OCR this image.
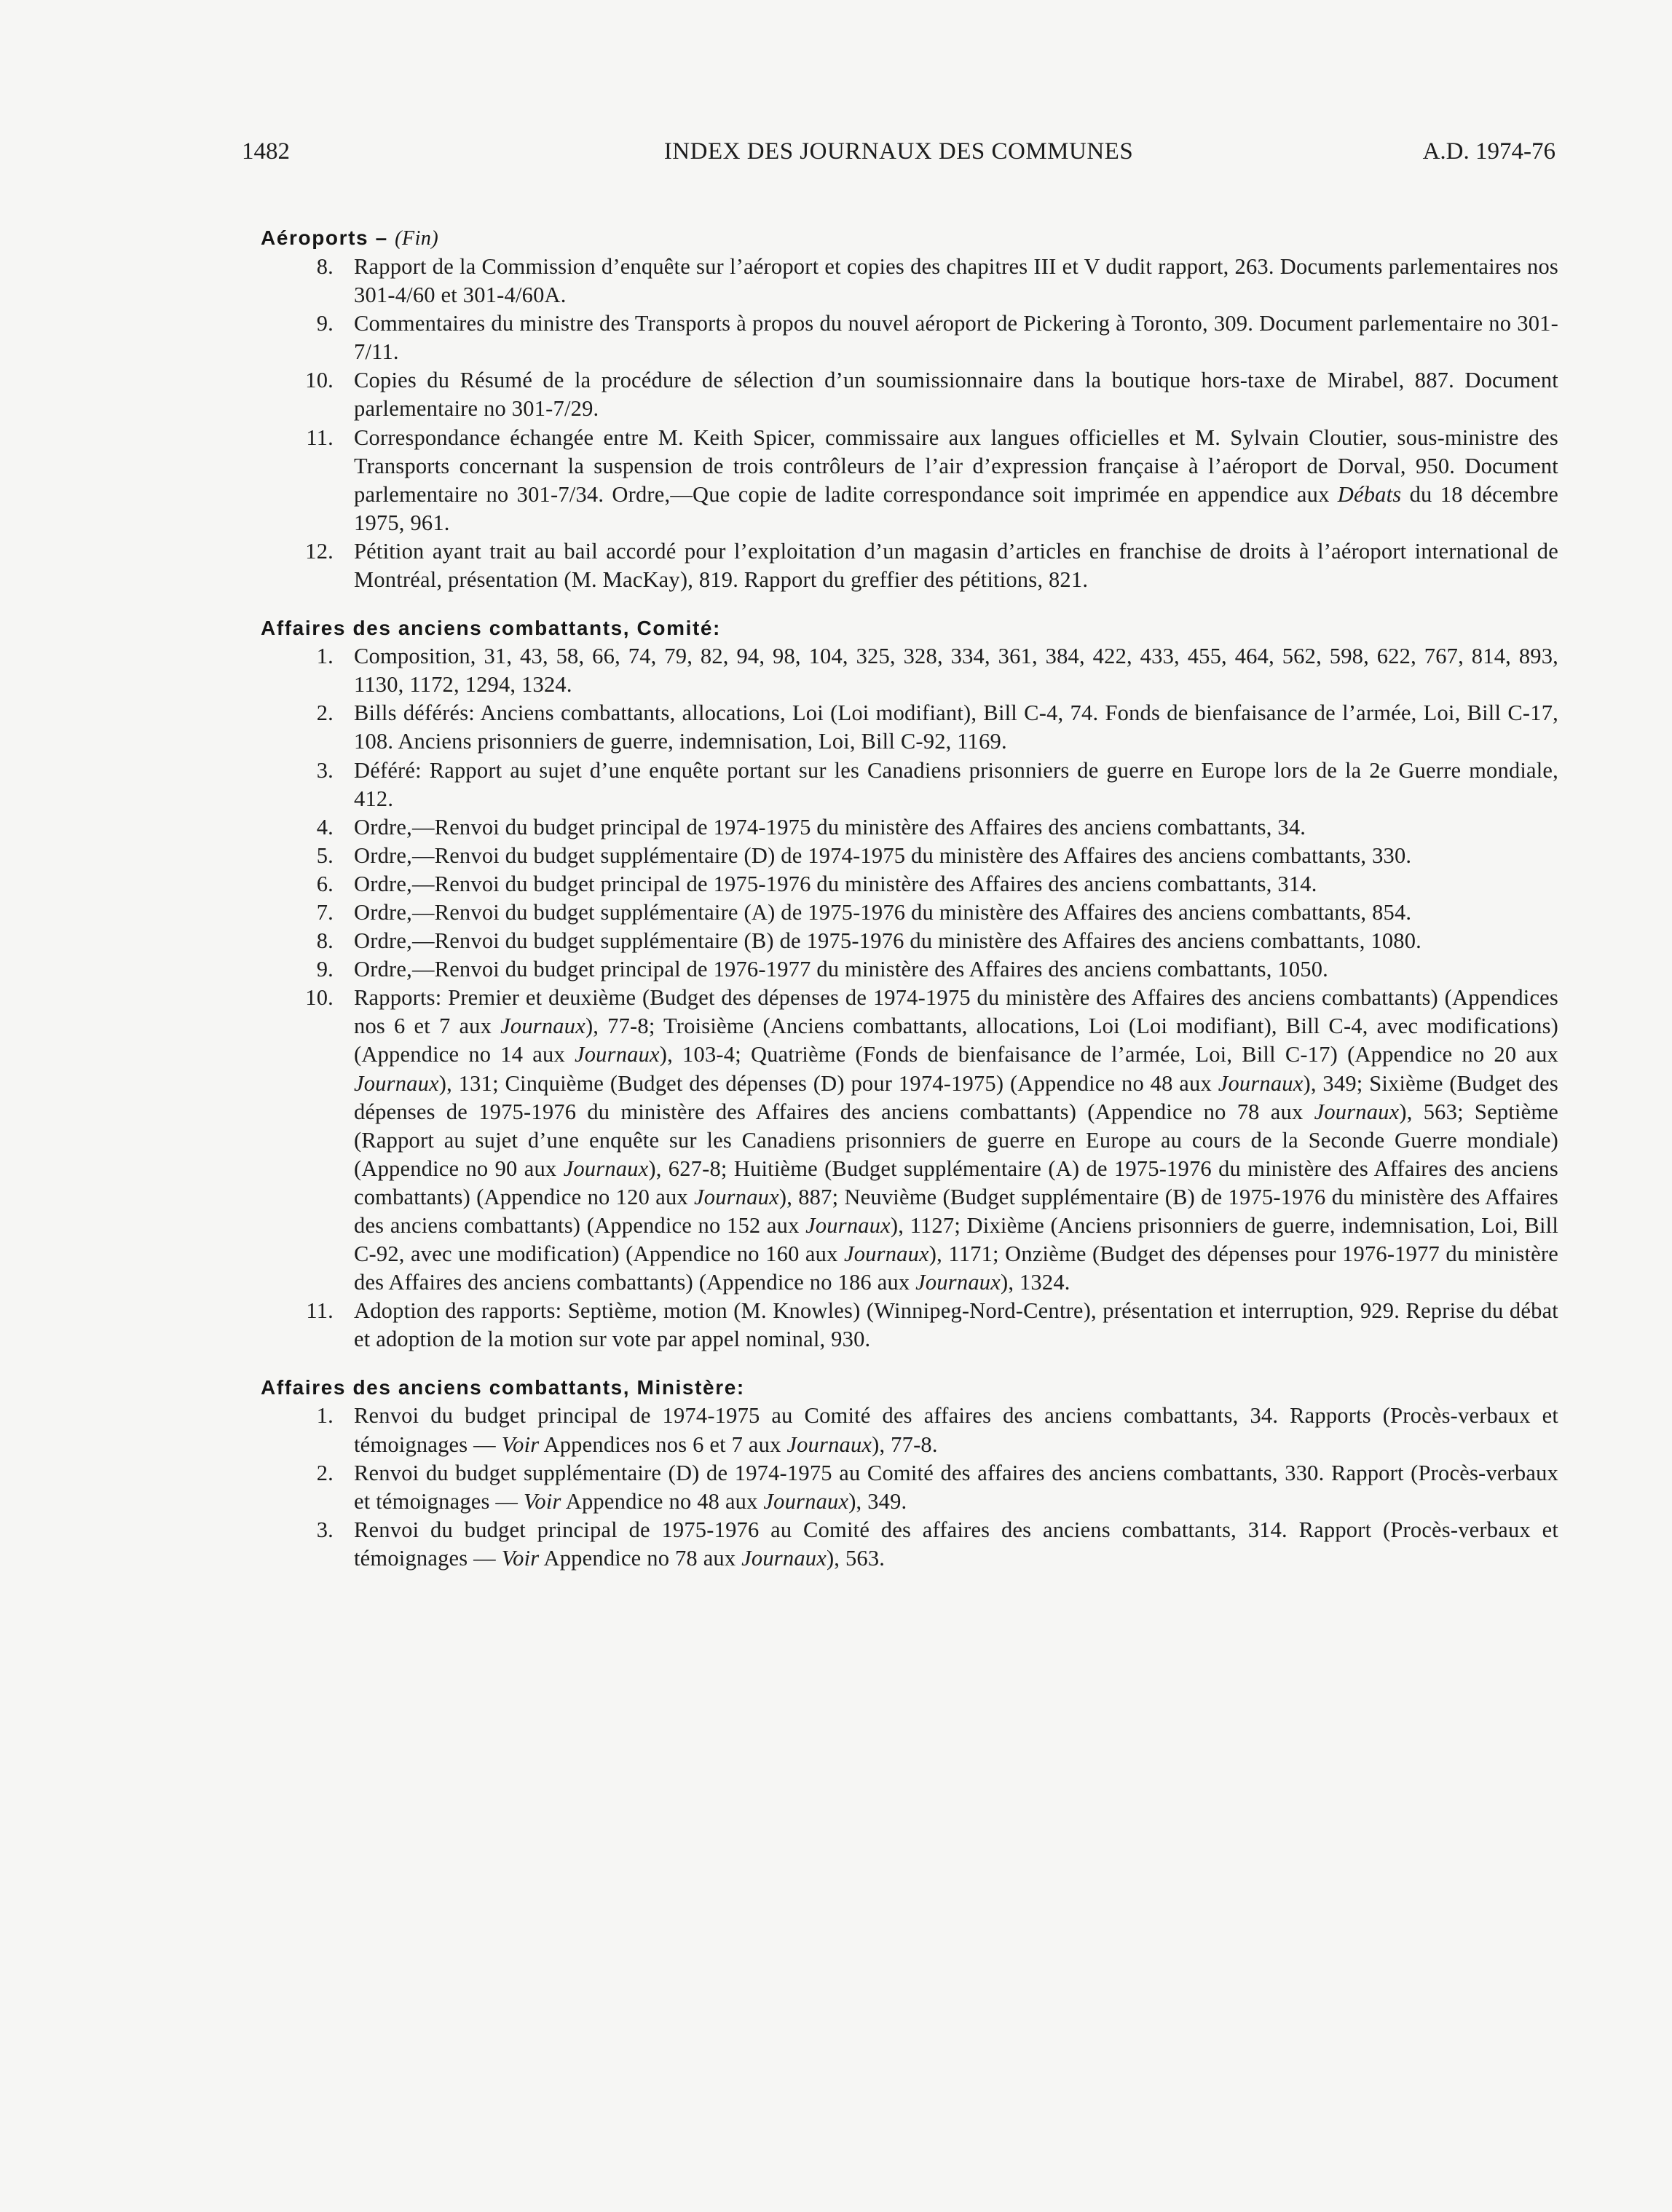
1482	INDEX DES JOURNAUX DES COMMUNES	A.D. 1974-76
Aéroports – (Fin)
8. Rapport de la Commission d’enquête sur l’aéroport et copies des chapitres III et V dudit rapport, 263. Documents parlementaires nos 301-4/60 et 301-4/60A.
9. Commentaires du ministre des Transports à propos du nouvel aéroport de Pickering à Toronto, 309. Document parlementaire no 301-7/11.
10. Copies du Résumé de la procédure de sélection d’un soumissionnaire dans la boutique hors-taxe de Mirabel, 887. Document parlementaire no 301-7/29.
11. Correspondance échangée entre M. Keith Spicer, commissaire aux langues officielles et M. Sylvain Cloutier, sous-ministre des Transports concernant la suspension de trois contrôleurs de l’air d’expression française à l’aéroport de Dorval, 950. Document parlementaire no 301-7/34. Ordre,—Que copie de ladite correspondance soit imprimée en appendice aux Débats du 18 décembre 1975, 961.
12. Pétition ayant trait au bail accordé pour l’exploitation d’un magasin d’articles en franchise de droits à l’aéroport international de Montréal, présentation (M. MacKay), 819. Rapport du greffier des pétitions, 821.
Affaires des anciens combattants, Comité:
1. Composition, 31, 43, 58, 66, 74, 79, 82, 94, 98, 104, 325, 328, 334, 361, 384, 422, 433, 455, 464, 562, 598, 622, 767, 814, 893, 1130, 1172, 1294, 1324.
2. Bills déférés: Anciens combattants, allocations, Loi (Loi modifiant), Bill C-4, 74. Fonds de bienfaisance de l’armée, Loi, Bill C-17, 108. Anciens prisonniers de guerre, indemnisation, Loi, Bill C-92, 1169.
3. Déféré: Rapport au sujet d’une enquête portant sur les Canadiens prisonniers de guerre en Europe lors de la 2e Guerre mondiale, 412.
4. Ordre,—Renvoi du budget principal de 1974-1975 du ministère des Affaires des anciens combattants, 34.
5. Ordre,—Renvoi du budget supplémentaire (D) de 1974-1975 du ministère des Affaires des anciens combattants, 330.
6. Ordre,—Renvoi du budget principal de 1975-1976 du ministère des Affaires des anciens combattants, 314.
7. Ordre,—Renvoi du budget supplémentaire (A) de 1975-1976 du ministère des Affaires des anciens combattants, 854.
8. Ordre,—Renvoi du budget supplémentaire (B) de 1975-1976 du ministère des Affaires des anciens combattants, 1080.
9. Ordre,—Renvoi du budget principal de 1976-1977 du ministère des Affaires des anciens combattants, 1050.
10. Rapports: Premier et deuxième (Budget des dépenses de 1974-1975 du ministère des Affaires des anciens combattants) (Appendices nos 6 et 7 aux Journaux), 77-8; Troisième (Anciens combattants, allocations, Loi (Loi modifiant), Bill C-4, avec modifications) (Appendice no 14 aux Journaux), 103-4; Quatrième (Fonds de bienfaisance de l’armée, Loi, Bill C-17) (Appendice no 20 aux Journaux), 131; Cinquième (Budget des dépenses (D) pour 1974-1975) (Appendice no 48 aux Journaux), 349; Sixième (Budget des dépenses de 1975-1976 du ministère des Affaires des anciens combattants) (Appendice no 78 aux Journaux), 563; Septième (Rapport au sujet d’une enquête sur les Canadiens prisonniers de guerre en Europe au cours de la Seconde Guerre mondiale) (Appendice no 90 aux Journaux), 627-8; Huitième (Budget supplémentaire (A) de 1975-1976 du ministère des Affaires des anciens combattants) (Appendice no 120 aux Journaux), 887; Neuvième (Budget supplémentaire (B) de 1975-1976 du ministère des Affaires des anciens combattants) (Appendice no 152 aux Journaux), 1127; Dixième (Anciens prisonniers de guerre, indemnisation, Loi, Bill C-92, avec une modification) (Appendice no 160 aux Journaux), 1171; Onzième (Budget des dépenses pour 1976-1977 du ministère des Affaires des anciens combattants) (Appendice no 186 aux Journaux), 1324.
11. Adoption des rapports: Septième, motion (M. Knowles) (Winnipeg-Nord-Centre), présentation et interruption, 929. Reprise du débat et adoption de la motion sur vote par appel nominal, 930.
Affaires des anciens combattants, Ministère:
1. Renvoi du budget principal de 1974-1975 au Comité des affaires des anciens combattants, 34. Rapports (Procès-verbaux et témoignages — Voir Appendices nos 6 et 7 aux Journaux), 77-8.
2. Renvoi du budget supplémentaire (D) de 1974-1975 au Comité des affaires des anciens combattants, 330. Rapport (Procès-verbaux et témoignages — Voir Appendice no 48 aux Journaux), 349.
3. Renvoi du budget principal de 1975-1976 au Comité des affaires des anciens combattants, 314. Rapport (Procès-verbaux et témoignages — Voir Appendice no 78 aux Journaux), 563.
